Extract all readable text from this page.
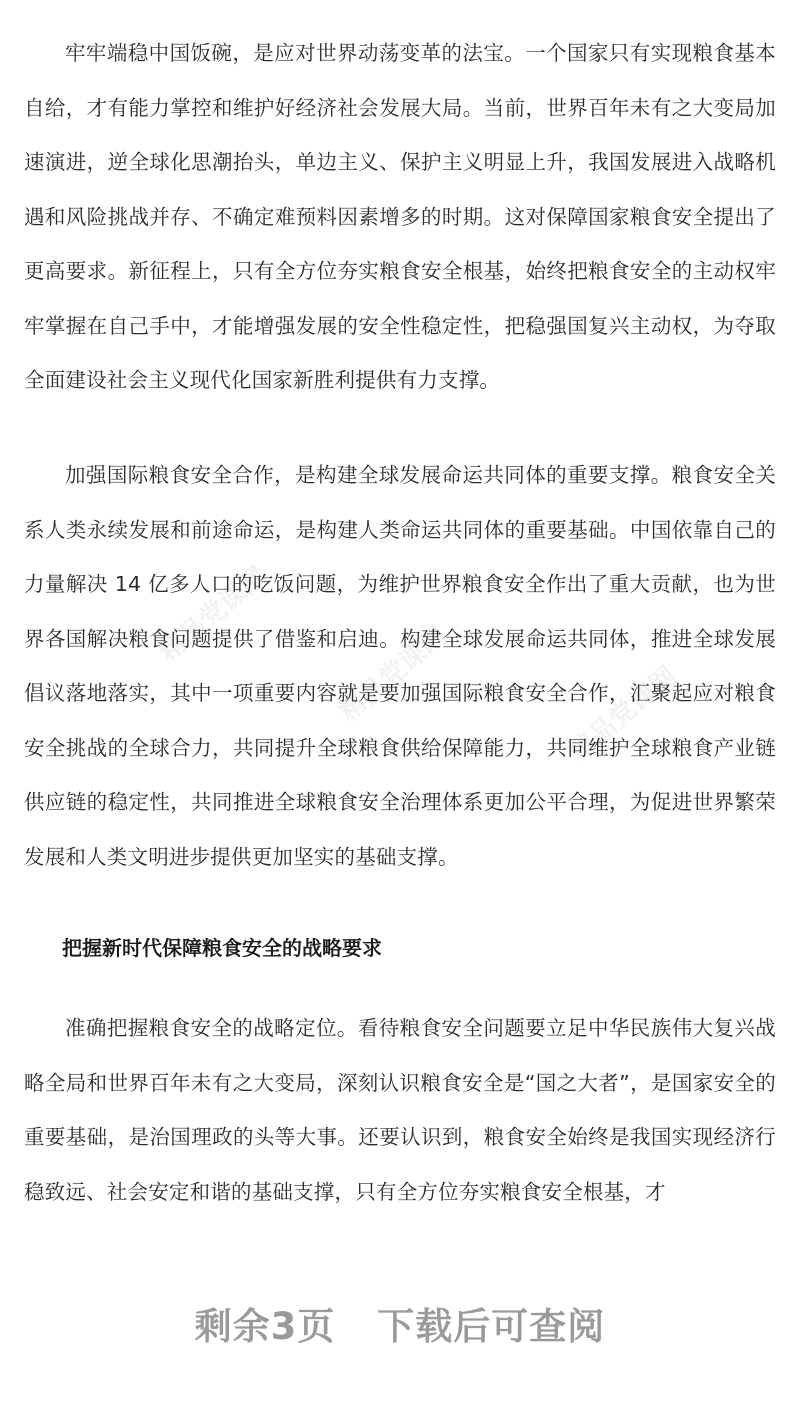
精品党课网
精品党课网	精品党课网

牢牢端稳中国饭碗，是应对世界动荡变革的法宝。一个国家只有实现粮食基本自给，才有能力掌控和维护好经济社会发展大局。当前，世界百年未有之大变局加速演进，逆全球化思潮抬头，单边主义、保护主义明显上升，我国发展进入战略机遇和风险挑战并存、不确定难预料因素增多的时期。这对保障国家粮食安全提出了更高要求。新征程上，只有全方位夯实粮食安全根基，始终把粮食安全的主动权牢牢掌握在自己手中，才能增强发展的安全性稳定性，把稳强国复兴主动权，为夺取全面建设社会主义现代化国家新胜利提供有力支撑。

加强国际粮食安全合作，是构建全球发展命运共同体的重要支撑。粮食安全关系人类永续发展和前途命运，是构建人类命运共同体的重要基础。中国依靠自己的力量解决 14 亿多人口的吃饭问题，为维护世界粮食安全作出了重大贡献，也为世界各国解决粮食问题提供了借鉴和启迪。构建全球发展命运共同体，推进全球发展倡议落地落实，其中一项重要内容就是要加强国际粮食安全合作，汇聚起应对粮食安全挑战的全球合力，共同提升全球粮食供给保障能力，共同维护全球粮食产业链供应链的稳定性，共同推进全球粮食安全治理体系更加公平合理，为促进世界繁荣发展和人类文明进步提供更加坚实的基础支撑。

把握新时代保障粮食安全的战略要求

准确把握粮食安全的战略定位。看待粮食安全问题要立足中华民族伟大复兴战略全局和世界百年未有之大变局，深刻认识粮食安全是“国之大者”，是国家安全的重要基础，是治国理政的头等大事。还要认识到，粮食安全始终是我国实现经济行稳致远、社会安定和谐的基础支撑，只有全方位夯实粮食安全根基，才

剩余3页 下载后可查阅
